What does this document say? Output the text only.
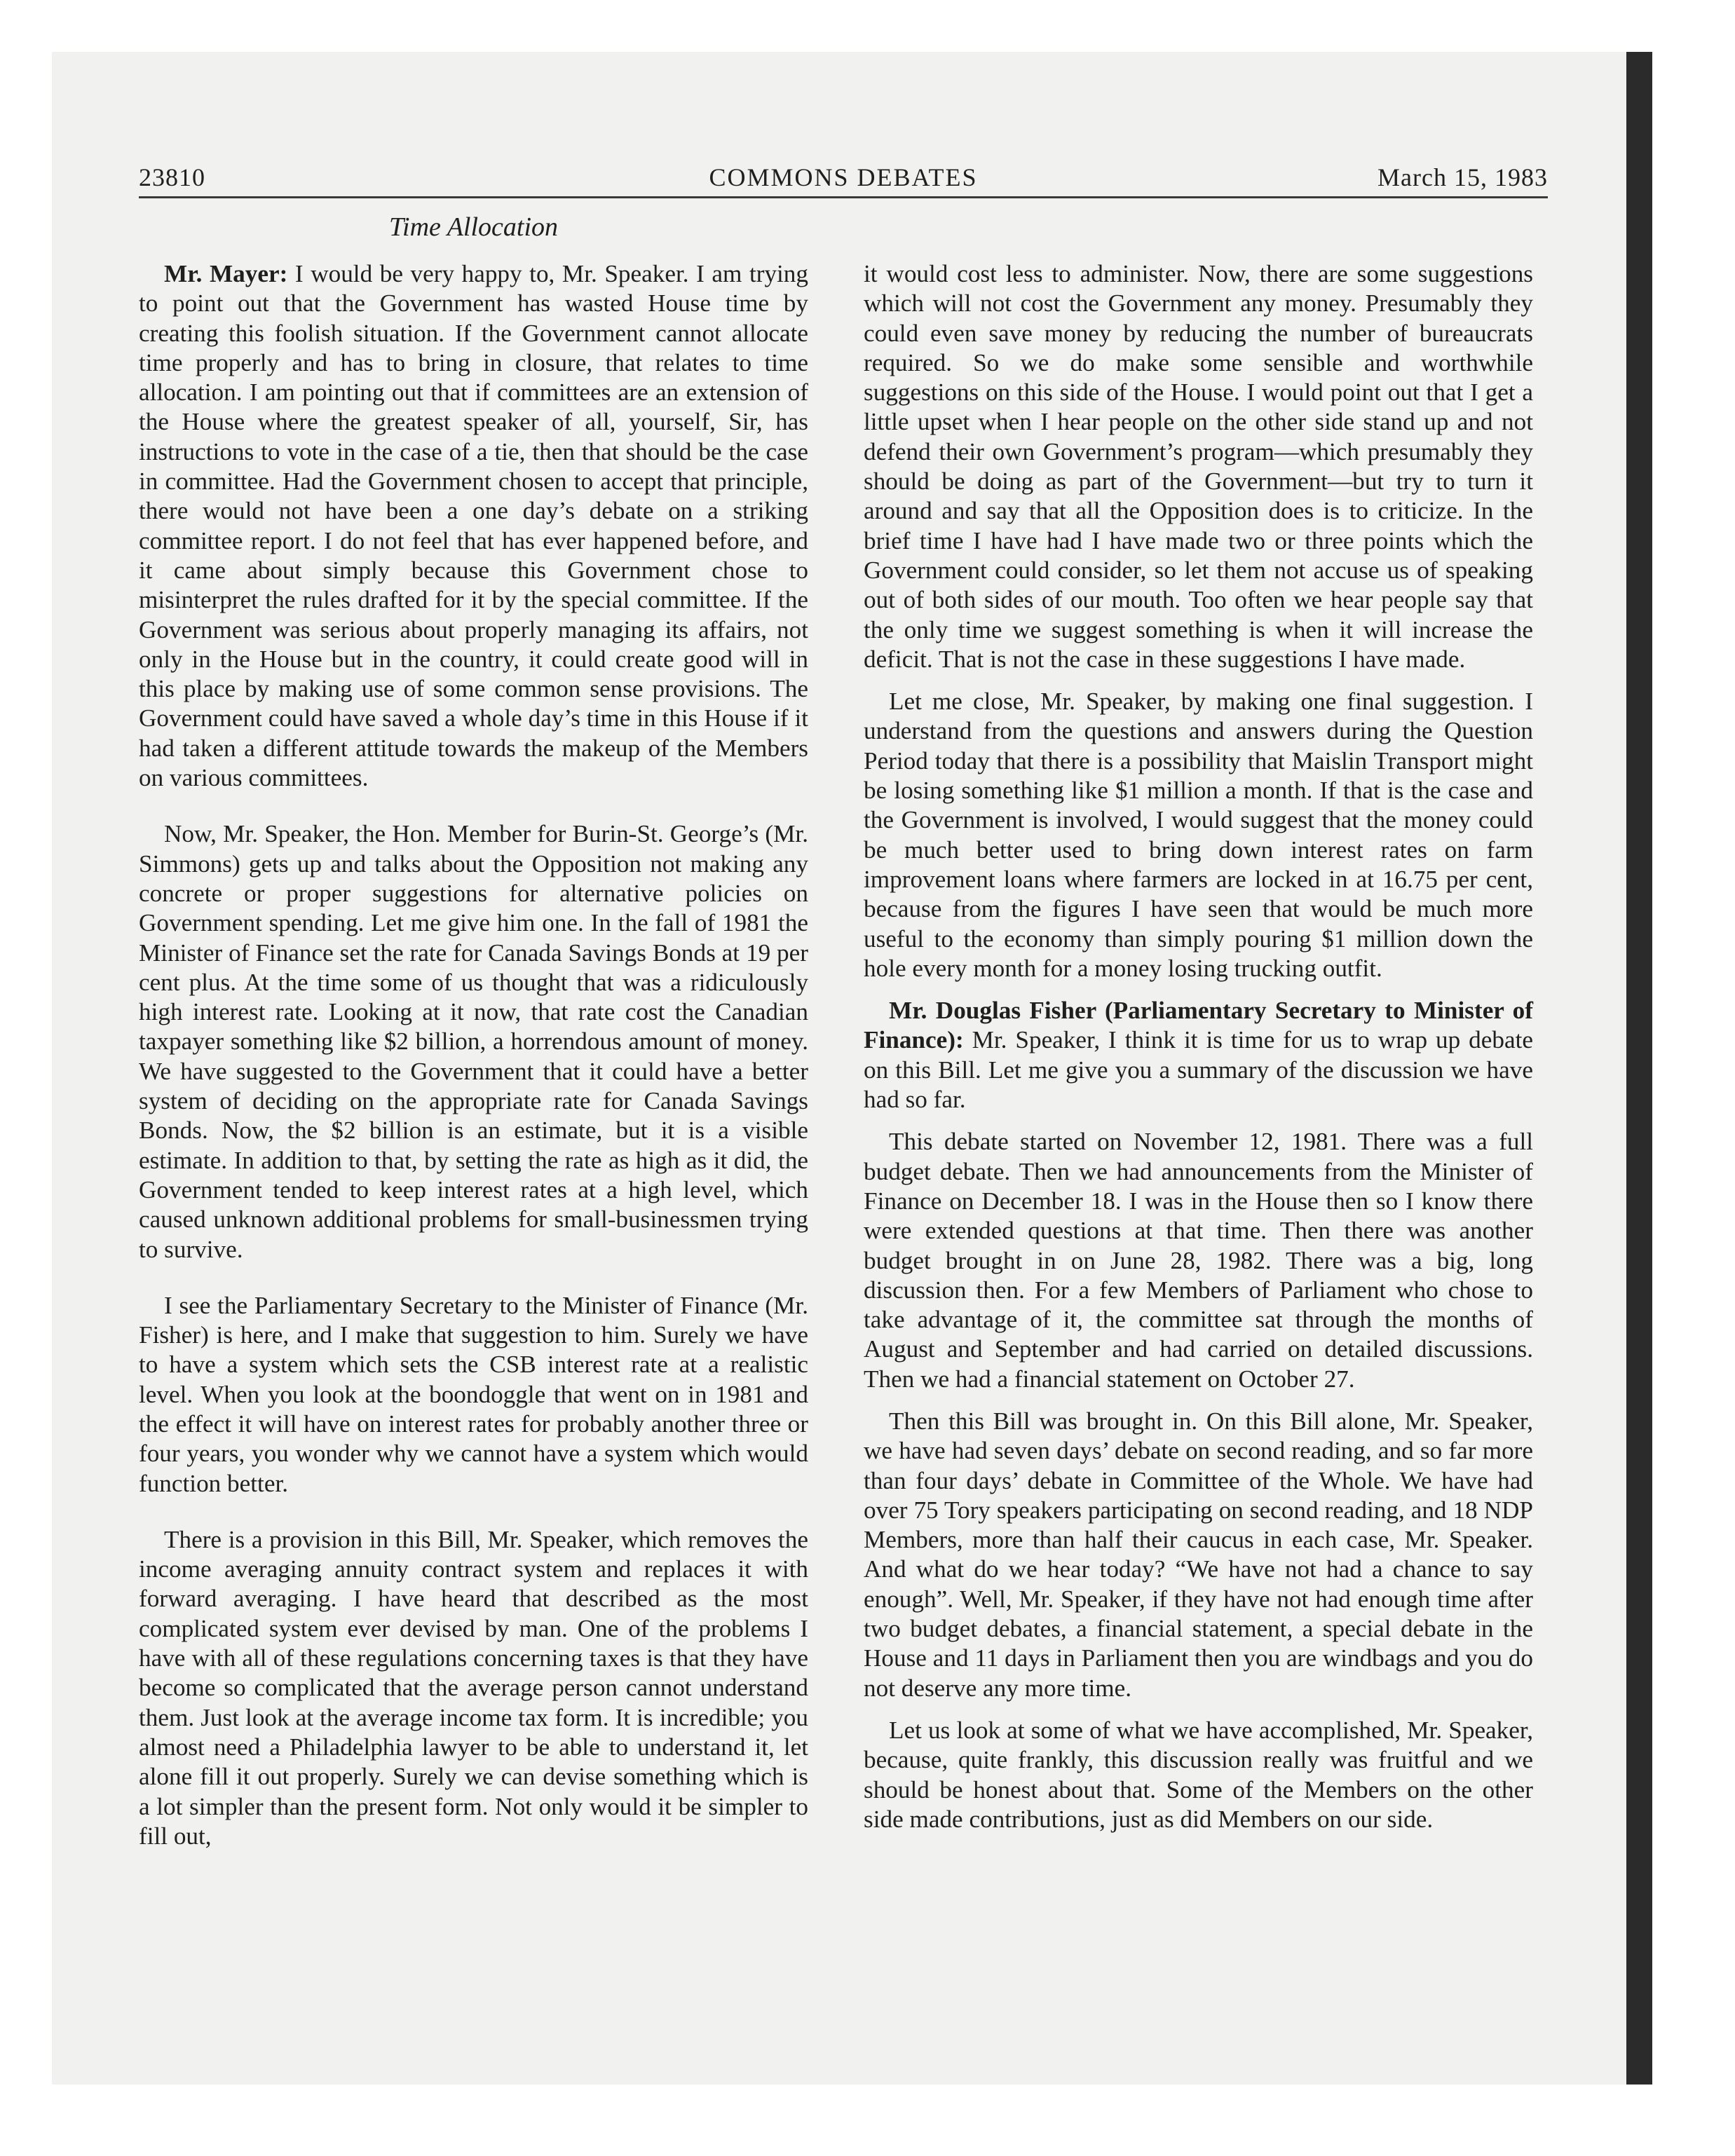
23810	COMMONS DEBATES	March 15, 1983
Time Allocation

Mr. Mayer: I would be very happy to, Mr. Speaker. I am trying to point out that the Government has wasted House time by creating this foolish situation. If the Government cannot allocate time properly and has to bring in closure, that relates to time allocation. I am pointing out that if committees are an extension of the House where the greatest speaker of all, yourself, Sir, has instructions to vote in the case of a tie, then that should be the case in committee. Had the Government chosen to accept that principle, there would not have been a one day’s debate on a striking committee report. I do not feel that has ever happened before, and it came about simply because this Government chose to misinterpret the rules drafted for it by the special committee. If the Government was serious about properly managing its affairs, not only in the House but in the country, it could create good will in this place by making use of some common sense provisions. The Government could have saved a whole day’s time in this House if it had taken a different attitude towards the makeup of the Members on various committees.

Now, Mr. Speaker, the Hon. Member for Burin-St. George’s (Mr. Simmons) gets up and talks about the Opposition not making any concrete or proper suggestions for alternative policies on Government spending. Let me give him one. In the fall of 1981 the Minister of Finance set the rate for Canada Savings Bonds at 19 per cent plus. At the time some of us thought that was a ridiculously high interest rate. Looking at it now, that rate cost the Canadian taxpayer something like $2 billion, a horrendous amount of money. We have suggested to the Government that it could have a better system of deciding on the appropriate rate for Canada Savings Bonds. Now, the $2 billion is an estimate, but it is a visible estimate. In addition to that, by setting the rate as high as it did, the Government tended to keep interest rates at a high level, which caused unknown additional problems for small-businessmen trying to survive.

I see the Parliamentary Secretary to the Minister of Finance (Mr. Fisher) is here, and I make that suggestion to him. Surely we have to have a system which sets the CSB interest rate at a realistic level. When you look at the boondoggle that went on in 1981 and the effect it will have on interest rates for probably another three or four years, you wonder why we cannot have a system which would function better.

There is a provision in this Bill, Mr. Speaker, which removes the income averaging annuity contract system and replaces it with forward averaging. I have heard that described as the most complicated system ever devised by man. One of the problems I have with all of these regulations concerning taxes is that they have become so complicated that the average person cannot understand them. Just look at the average income tax form. It is incredible; you almost need a Philadelphia lawyer to be able to understand it, let alone fill it out properly. Surely we can devise something which is a lot simpler than the present form. Not only would it be simpler to fill out,

it would cost less to administer. Now, there are some suggestions which will not cost the Government any money. Presumably they could even save money by reducing the number of bureaucrats required. So we do make some sensible and worthwhile suggestions on this side of the House. I would point out that I get a little upset when I hear people on the other side stand up and not defend their own Government’s program—which presumably they should be doing as part of the Government—but try to turn it around and say that all the Opposition does is to criticize. In the brief time I have had I have made two or three points which the Government could consider, so let them not accuse us of speaking out of both sides of our mouth. Too often we hear people say that the only time we suggest something is when it will increase the deficit. That is not the case in these suggestions I have made.

Let me close, Mr. Speaker, by making one final suggestion. I understand from the questions and answers during the Question Period today that there is a possibility that Maislin Transport might be losing something like $1 million a month. If that is the case and the Government is involved, I would suggest that the money could be much better used to bring down interest rates on farm improvement loans where farmers are locked in at 16.75 per cent, because from the figures I have seen that would be much more useful to the economy than simply pouring $1 million down the hole every month for a money losing trucking outfit.

Mr. Douglas Fisher (Parliamentary Secretary to Minister of Finance): Mr. Speaker, I think it is time for us to wrap up debate on this Bill. Let me give you a summary of the discussion we have had so far.

This debate started on November 12, 1981. There was a full budget debate. Then we had announcements from the Minister of Finance on December 18. I was in the House then so I know there were extended questions at that time. Then there was another budget brought in on June 28, 1982. There was a big, long discussion then. For a few Members of Parliament who chose to take advantage of it, the committee sat through the months of August and September and had carried on detailed discussions. Then we had a financial statement on October 27.

Then this Bill was brought in. On this Bill alone, Mr. Speaker, we have had seven days’ debate on second reading, and so far more than four days’ debate in Committee of the Whole. We have had over 75 Tory speakers participating on second reading, and 18 NDP Members, more than half their caucus in each case, Mr. Speaker. And what do we hear today? “We have not had a chance to say enough”. Well, Mr. Speaker, if they have not had enough time after two budget debates, a financial statement, a special debate in the House and 11 days in Parliament then you are windbags and you do not deserve any more time.

Let us look at some of what we have accomplished, Mr. Speaker, because, quite frankly, this discussion really was fruitful and we should be honest about that. Some of the Members on the other side made contributions, just as did Members on our side.
